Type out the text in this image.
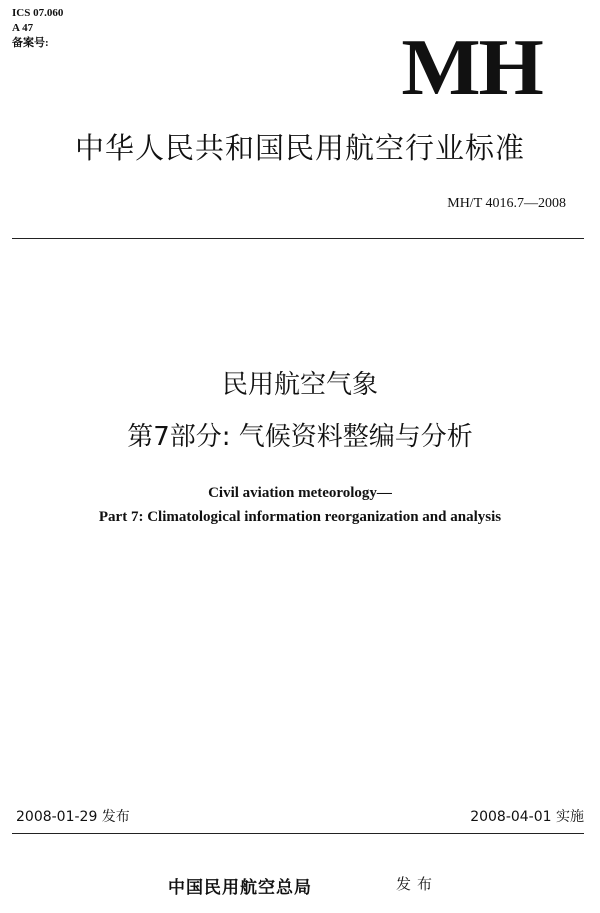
ICS 07.060
A 47
备案号:	MH
中华人民共和国民用航空行业标准
MH/T 4016.7—2008
民用航空气象
第7部分: 气候资料整编与分析
Civil aviation meteorology—
Part 7: Climatological information reorganization and analysis
2008-01-29 发布	2008-04-01 实施
中国民用航空总局	发布
